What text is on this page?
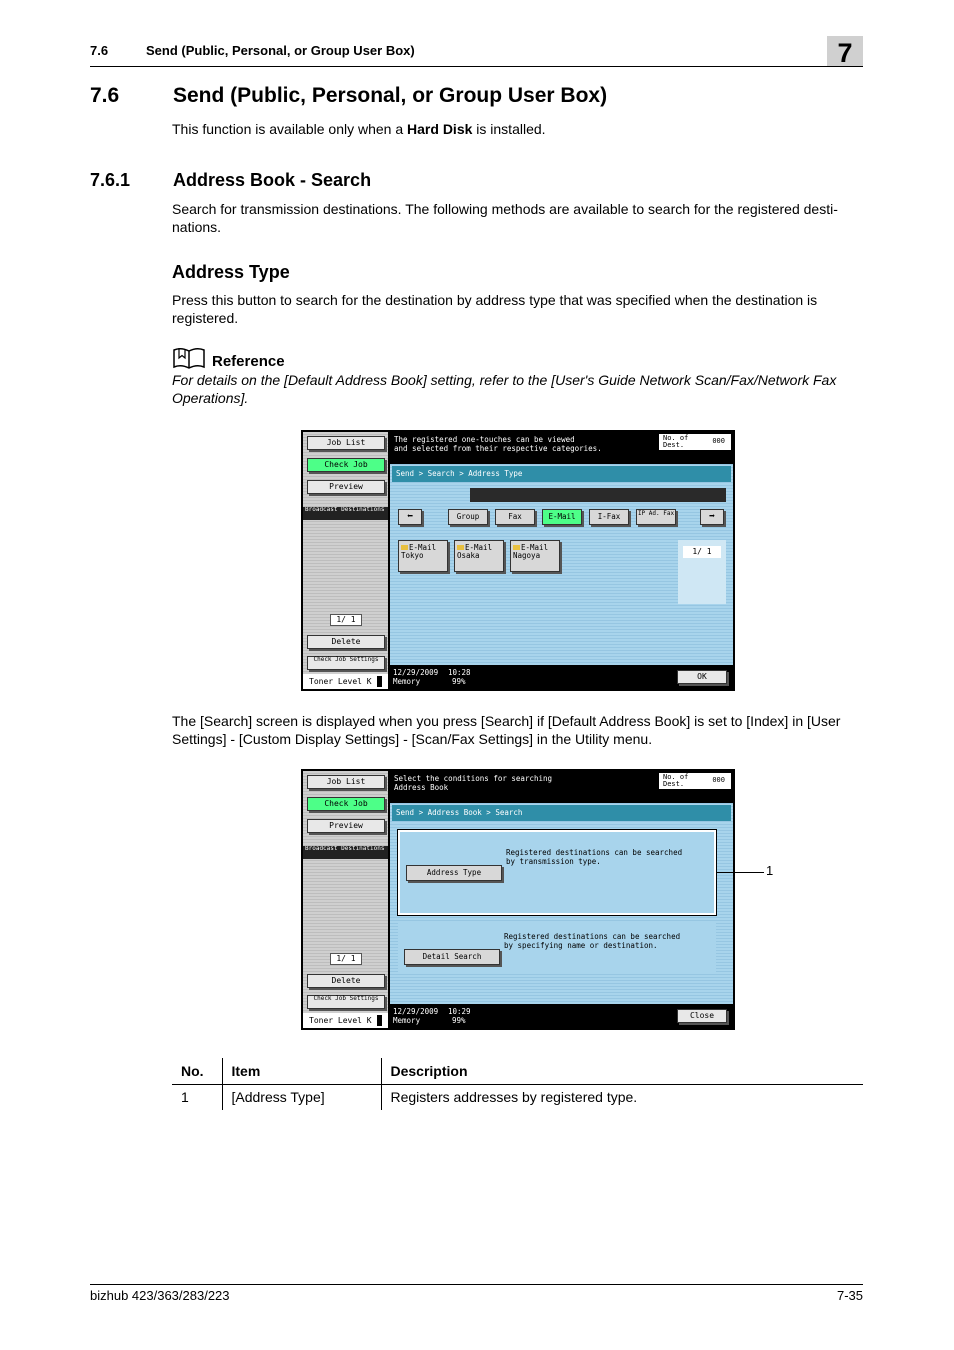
7.6	Send (Public, Personal, or Group User Box)	7
7.6	Send (Public, Personal, or Group User Box)

This function is available only when a Hard Disk is installed.

7.6.1 Address Book - Search

Search for transmission destinations. The following methods are available to search for the registered desti-nations.

Address Type

Press this button to search for the destination by address type that was specified when the destination is registered.

Reference

For details on the [Default Address Book] setting, refer to the [User's Guide Network Scan/Fax/Network Fax Operations].

Job List
Check Job
Preview
Broadcast Destinations
1/ 1
Delete
Check Job Settings
Toner Level K
The registered one-touches can be viewed
and selected from their respective categories.
No. of Dest.	000
Send > Search > Address Type
⬅	Group	Fax	E-Mail	I-Fax	IP Ad. Fax	➡
E-Mail
Tokyo
E-Mail
Osaka
E-Mail
Nagoya	1/ 1
12/29/2009 10:28
Memory	99%
OK

The [Search] screen is displayed when you press [Search] if [Default Address Book] is set to [Index] in [User Settings] - [Custom Display Settings] - [Scan/Fax Settings] in the Utility menu.

Job List
Check Job
Preview
Broadcast Destinations
1/ 1
Delete
Check Job Settings
Toner Level K
Select the conditions for searching
Address Book
No. of Dest.	000
Send > Address Book > Search
Address Type
Registered destinations can be searched
by transmission type.
Detail Search
Registered destinations can be searched
by specifying name or destination.
12/29/2009 10:29
Memory	99%
Close
1
No.	Item	Description
1	[Address Type]	Registers addresses by registered type.
bizhub 423/363/283/223	7-35
